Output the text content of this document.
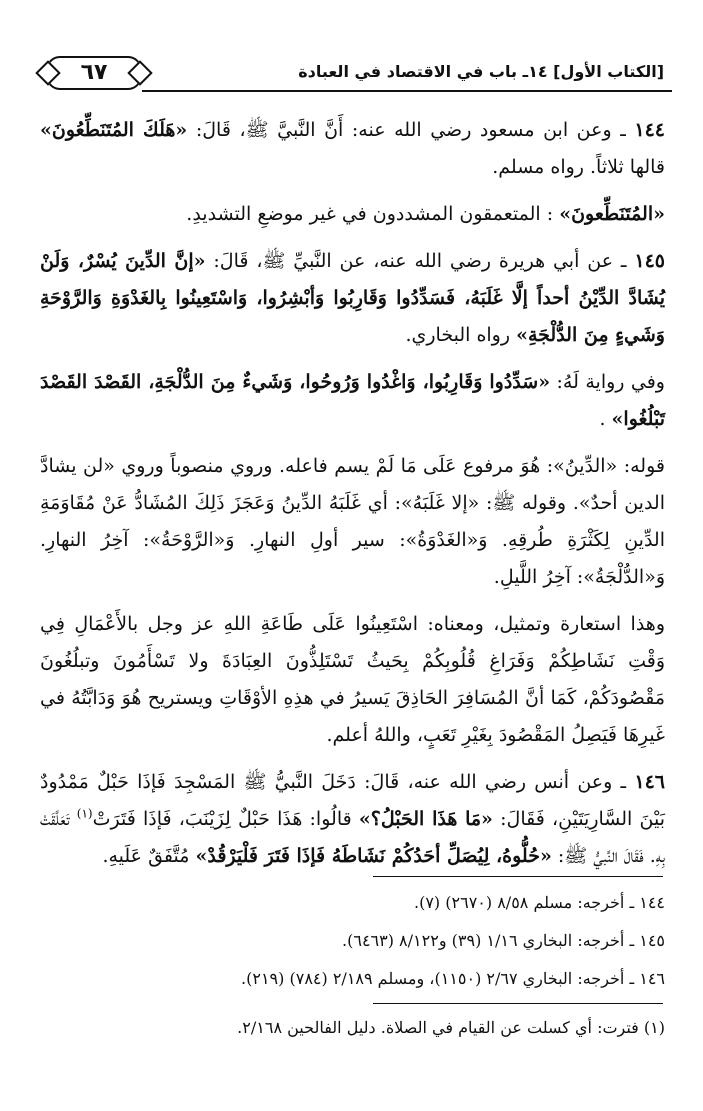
٦٧	[الكتاب الأول] ١٤ـ باب في الاقتصاد في العبادة

١٤٤ ـ وعن ابن مسعود رضي الله عنه: أَنَّ النَّبيَّ ﷺ، قَالَ: «هَلَكَ المُتَنَطِّعُونَ» قالها ثلاثاً. رواه مسلم.

«المُتَنَطِّعونَ» : المتعمقون المشددون في غير موضعِ التشديدِ.

١٤٥ ـ عن أبي هريرة رضي الله عنه، عن النَّبيِّ ﷺ، قَالَ: «إنَّ الدِّينَ يُسْرٌ، وَلَنْ يُشَادَّ الدِّيْنُ أحداً إلَّا غَلَبَهُ، فَسَدِّدُوا وَقَارِبُوا وَأبْشِرُوا، وَاسْتَعِينُوا بِالغَدْوَةِ وَالرَّوْحَةِ وَشَيءٍ مِنَ الدُّلْجَةِ» رواه البخاري.

وفي رواية لَهُ: «سَدِّدُوا وَقَارِبُوا، وَاغْدُوا وَرُوحُوا، وَشَيءٌ مِنَ الدُّلْجَةِ، القَصْدَ القَصْدَ تَبْلُغُوا» .

قوله: «الدِّينُ»: هُوَ مرفوع عَلَى مَا لَمْ يسم فاعله. وروي منصوباً وروي «لن يشادَّ الدين أحدٌ». وقوله ﷺ: «إلا غَلَبَهُ»: أي غَلَبَهُ الدِّينُ وَعَجَزَ ذَلِكَ المُشَادُّ عَنْ مُقَاوَمَةِ الدِّينِ لِكَثْرَةِ طُرقِهِ. وَ«الغَدْوَةُ»: سير أولِ النهارِ. وَ«الرَّوْحَةُ»: آخِرُ النهارِ. وَ«الدُّلْجَةُ»: آخِرُ اللَّيلِ.

وهذا استعارة وتمثيل، ومعناه: اسْتَعِينُوا عَلَى طَاعَةِ اللهِ عز وجل بالأَعْمَالِ فِي وَقْتِ نَشَاطِكُمْ وَفَرَاغِ قُلُوبِكُمْ بِحَيثُ تَسْتَلِذُّونَ العِبَادَةَ ولا تَسْأَمُونَ وتبلُغُونَ مَقْصُودَكُمْ، كَمَا أنَّ المُسَافِرَ الحَاذِقَ يَسيرُ في هذِهِ الأوْقَاتِ ويستريح هُوَ وَدَابَّتُهُ في غَيرِهَا فَيَصِلُ المَقْصُودَ بِغَيْرِ تَعَبٍ، واللهُ أعلم.

١٤٦ ـ وعن أنس رضي الله عنه، قَالَ: دَخَلَ النَّبيُّ ﷺ المَسْجِدَ فَإذَا حَبْلٌ مَمْدُودٌ بَيْنَ السَّارِيَتَيْنِ، فَقَالَ: «مَا هَذَا الحَبْلُ؟» قالُوا: هَذَا حَبْلٌ لِزَيْنَبَ، فَإذَا فَتَرَتْ$^{(١)}$ تَعَلَّقَتْ بِهِ. فَقَالَ النَّبيُّ ﷺ: «حُلُّوهُ، لِيُصَلِّ أحَدُكُمْ نَشَاطَهُ فَإذَا فَتَرَ فَلْيَرْقُدْ» مُتَّفَقٌ عَلَيهِ.

١٤٤ ـ أخرجه: مسلم ٨/٥٨ (٢٦٧٠) (٧).
١٤٥ ـ أخرجه: البخاري ١/١٦ (٣٩) و٨/١٢٢ (٦٤٦٣).
١٤٦ ـ أخرجه: البخاري ٢/٦٧ (١١٥٠)، ومسلم ٢/١٨٩ (٧٨٤) (٢١٩).
(١) فترت: أي كسلت عن القيام في الصلاة. دليل الفالحين ٢/١٦٨.
